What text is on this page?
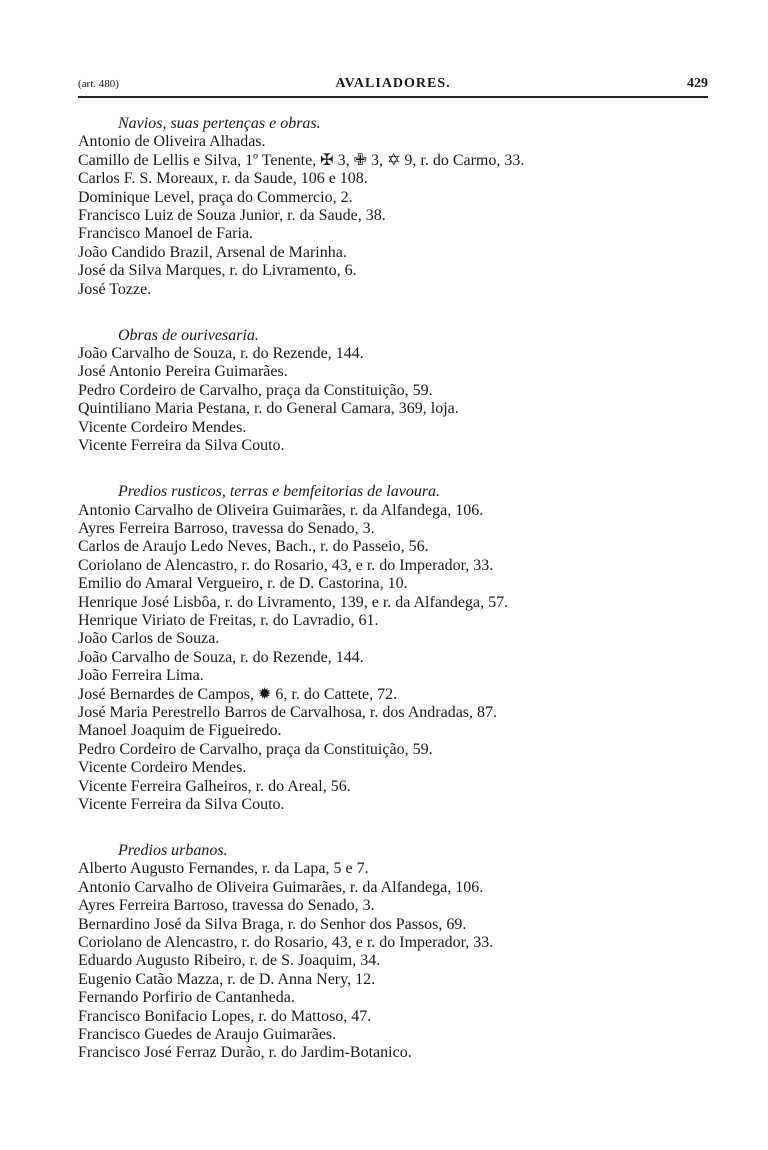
(art. 480)	AVALIADORES.	429
Navios, suas pertenças e obras.
Antonio de Oliveira Alhadas.
Camillo de Lellis e Silva, 1º Tenente, ✠ 3, ✙ 3, ✡ 9, r. do Carmo, 33.
Carlos F. S. Moreaux, r. da Saude, 106 e 108.
Dominique Level, praça do Commercio, 2.
Francisco Luiz de Souza Junior, r. da Saude, 38.
Francisco Manoel de Faria.
João Candido Brazil, Arsenal de Marinha.
José da Silva Marques, r. do Livramento, 6.
José Tozze.
Obras de ourivesaria.
João Carvalho de Souza, r. do Rezende, 144.
José Antonio Pereira Guimarães.
Pedro Cordeiro de Carvalho, praça da Constituição, 59.
Quintiliano Maria Pestana, r. do General Camara, 369, loja.
Vicente Cordeiro Mendes.
Vicente Ferreira da Silva Couto.
Predios rusticos, terras e bemfeitorias de lavoura.
Antonio Carvalho de Oliveira Guimarães, r. da Alfandega, 106.
Ayres Ferreira Barroso, travessa do Senado, 3.
Carlos de Araujo Ledo Neves, Bach., r. do Passeio, 56.
Coriolano de Alencastro, r. do Rosario, 43, e r. do Imperador, 33.
Emilio do Amaral Vergueiro, r. de D. Castorina, 10.
Henrique José Lisbôa, r. do Livramento, 139, e r. da Alfandega, 57.
Henrique Viriato de Freitas, r. do Lavradio, 61.
João Carlos de Souza.
João Carvalho de Souza, r. do Rezende, 144.
João Ferreira Lima.
José Bernardes de Campos, ✹ 6, r. do Cattete, 72.
José Maria Perestrello Barros de Carvalhosa, r. dos Andradas, 87.
Manoel Joaquim de Figueiredo.
Pedro Cordeiro de Carvalho, praça da Constituição, 59.
Vicente Cordeiro Mendes.
Vicente Ferreira Galheiros, r. do Areal, 56.
Vicente Ferreira da Silva Couto.
Predios urbanos.
Alberto Augusto Fernandes, r. da Lapa, 5 e 7.
Antonio Carvalho de Oliveira Guimarães, r. da Alfandega, 106.
Ayres Ferreira Barroso, travessa do Senado, 3.
Bernardino José da Silva Braga, r. do Senhor dos Passos, 69.
Coriolano de Alencastro, r. do Rosario, 43, e r. do Imperador, 33.
Eduardo Augusto Ribeiro, r. de S. Joaquim, 34.
Eugenio Catão Mazza, r. de D. Anna Nery, 12.
Fernando Porfirio de Cantanheda.
Francisco Bonifacio Lopes, r. do Mattoso, 47.
Francisco Guedes de Araujo Guimarães.
Francisco José Ferraz Durão, r. do Jardim-Botanico.
